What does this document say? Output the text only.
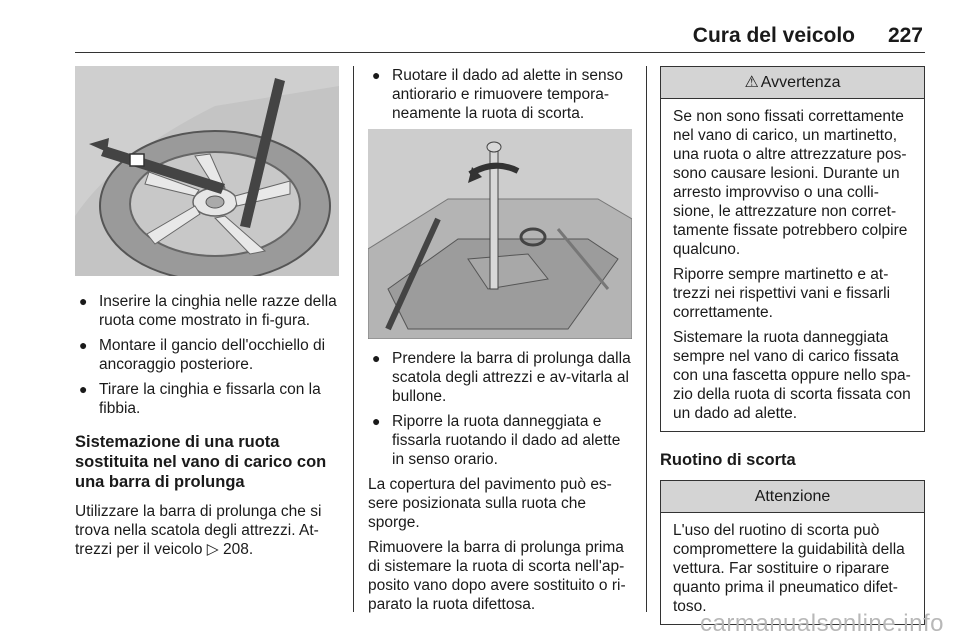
Cura del veicolo 227
● Inserire la cinghia nelle razze della ruota come mostrato in fi-gura.
● Montare il gancio dell'occhiello di ancoraggio posteriore.
● Tirare la cinghia e fissarla con la fibbia.
Sistemazione di una ruota sostituita nel vano di carico con una barra di prolunga

Utilizzare la barra di prolunga che si trova nella scatola degli attrezzi. At-trezzi per il veicolo ▷ 208.

● Ruotare il dado ad alette in senso antiorario e rimuovere tempora-neamente la ruota di scorta.
● Prendere la barra di prolunga dalla scatola degli attrezzi e av-vitarla al bullone.
● Riporre la ruota danneggiata e fissarla ruotando il dado ad alette in senso orario.

La copertura del pavimento può es-sere posizionata sulla ruota che sporge.

Rimuovere la barra di prolunga prima di sistemare la ruota di scorta nell'ap-posito vano dopo avere sostituito o ri-parato la ruota difettosa.

⚠ Avvertenza

Se non sono fissati correttamente nel vano di carico, un martinetto, una ruota o altre attrezzature pos-sono causare lesioni. Durante un arresto improvviso o una colli-sione, le attrezzature non corret-tamente fissate potrebbero colpire qualcuno.

Riporre sempre martinetto e at-trezzi nei rispettivi vani e fissarli correttamente.

Sistemare la ruota danneggiata sempre nel vano di carico fissata con una fascetta oppure nello spa-zio della ruota di scorta fissata con un dado ad alette.

Ruotino di scorta
Attenzione

L'uso del ruotino di scorta può compromettere la guidabilità della vettura. Far sostituire o riparare quanto prima il pneumatico difet-toso.

carmanualsonline.info
